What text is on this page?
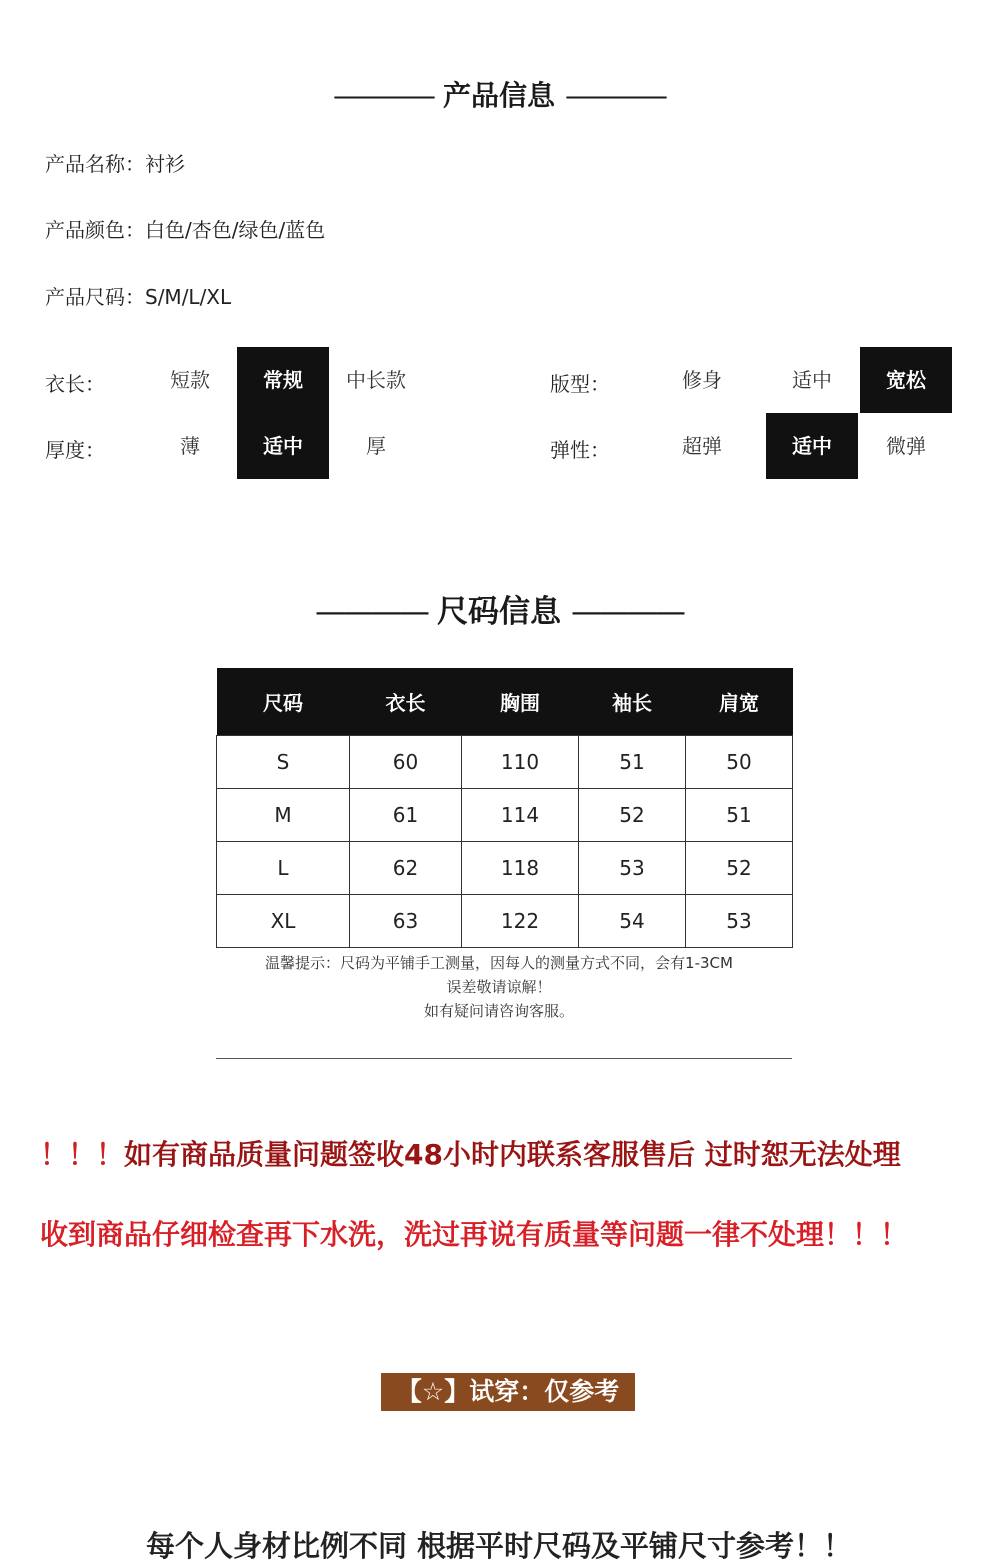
———— 产品信息 ————
产品名称：衬衫
产品颜色：白色/杏色/绿色/蓝色
产品尺码：S/M/L/XL
衣长：	短款	常规	中长款	版型：	修身	适中	宽松
厚度：	薄	适中	厚	弹性：	超弹	适中	微弹
———— 尺码信息 ————
尺码	衣长	胸围	袖长	肩宽
S	60	110	51	50
M	61	114	52	51
L	62	118	53	52
XL	63	122	54	53
温馨提示：尺码为平铺手工测量，因每人的测量方式不同，会有1-3CM
误差敬请谅解！
如有疑问请咨询客服。
！！！如有商品质量问题签收48小时内联系客服售后 过时恕无法处理
收到商品仔细检查再下水洗，洗过再说有质量等问题一律不处理！！！
【☆】试穿：仅参考
每个人身材比例不同 根据平时尺码及平铺尺寸参考！！
